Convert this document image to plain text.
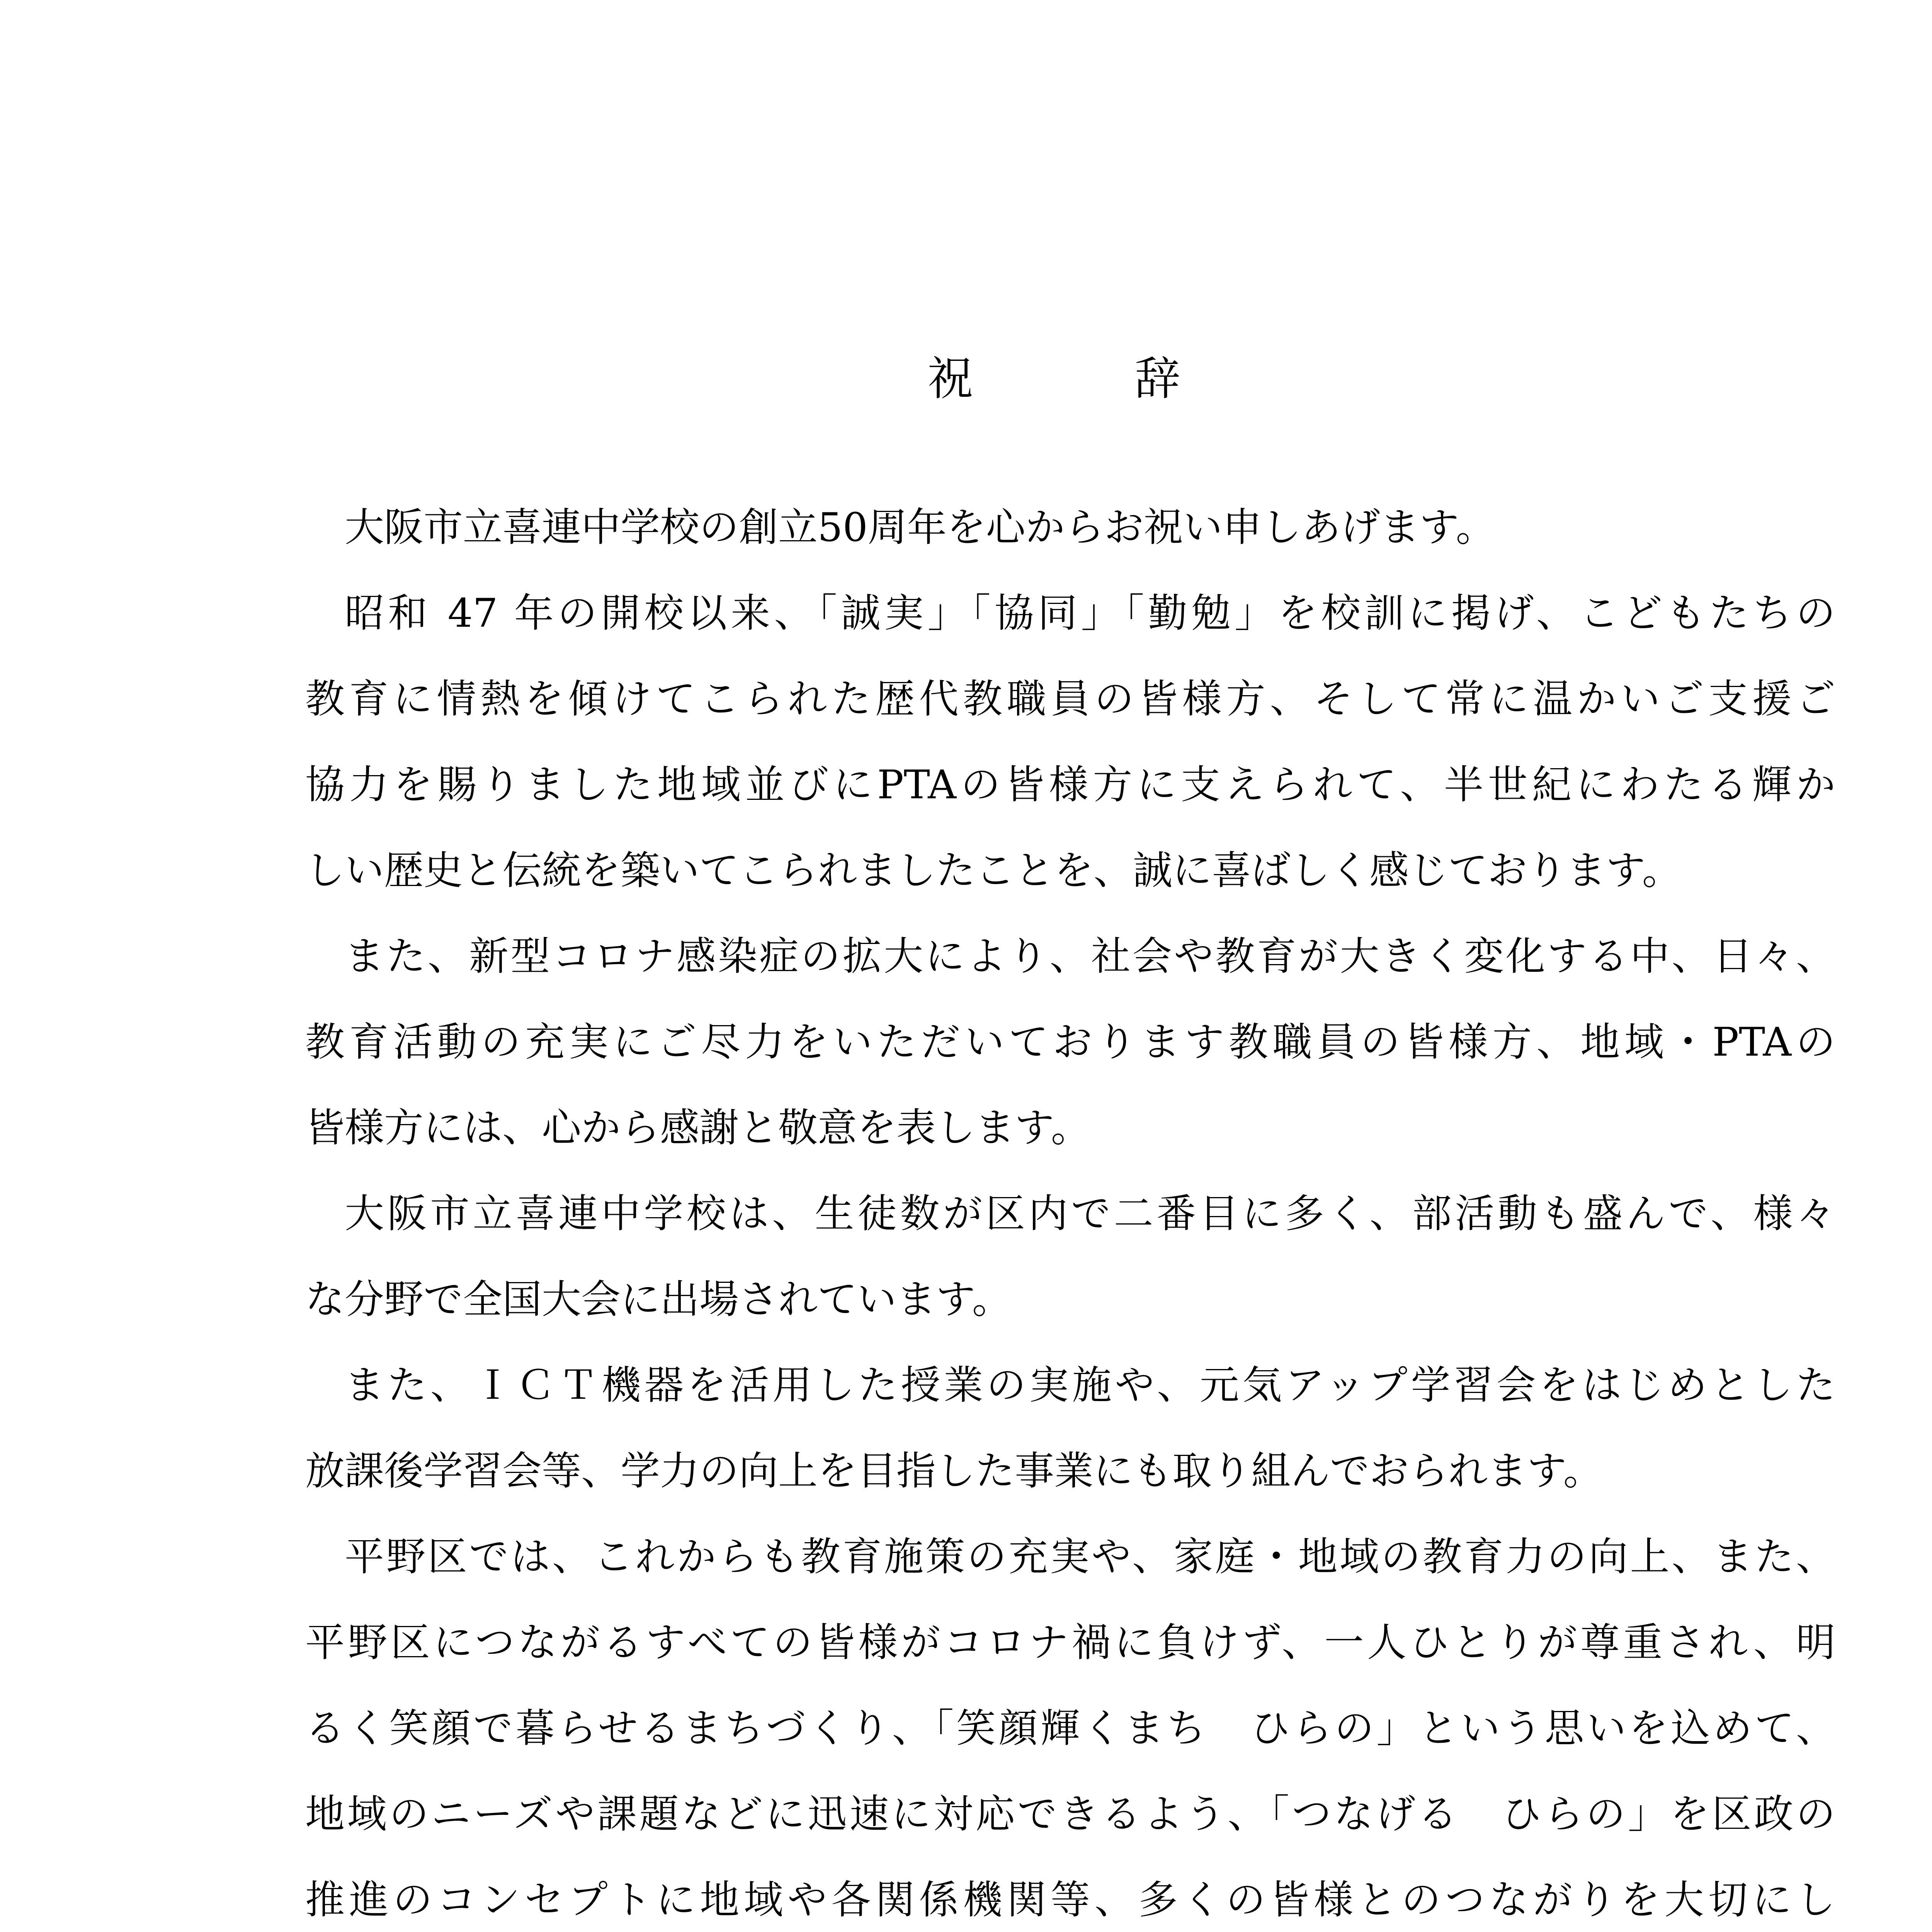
祝　辞
大阪市立喜連中学校の創立50周年を心からお祝い申しあげます。
昭和 47 年の開校以来、「誠実」「協同」「勤勉」を校訓に掲げ、こどもたちの
教育に情熱を傾けてこられた歴代教職員の皆様方、そして常に温かいご支援ご
協力を賜りました地域並びにPTAの皆様方に支えられて、半世紀にわたる輝か
しい歴史と伝統を築いてこられましたことを、誠に喜ばしく感じております。
また、新型コロナ感染症の拡大により、社会や教育が大きく変化する中、日々、
教育活動の充実にご尽力をいただいております教職員の皆様方、地域・PTAの
皆様方には、心から感謝と敬意を表します。
大阪市立喜連中学校は、生徒数が区内で二番目に多く、部活動も盛んで、様々
な分野で全国大会に出場されています。
また、ＩＣＴ機器を活用した授業の実施や、元気アップ学習会をはじめとした
放課後学習会等、学力の向上を目指した事業にも取り組んでおられます。
平野区では、これからも教育施策の充実や、家庭・地域の教育力の向上、また、
平野区につながるすべての皆様がコロナ禍に負けず、一人ひとりが尊重され、明
るく笑顔で暮らせるまちづくり、「笑顔輝くまち　ひらの」という思いを込めて、
地域のニーズや課題などに迅速に対応できるよう、「つなげる　ひらの」を区政の
推進のコンセプトに地域や各関係機関等、多くの皆様とのつながりを大切にし
